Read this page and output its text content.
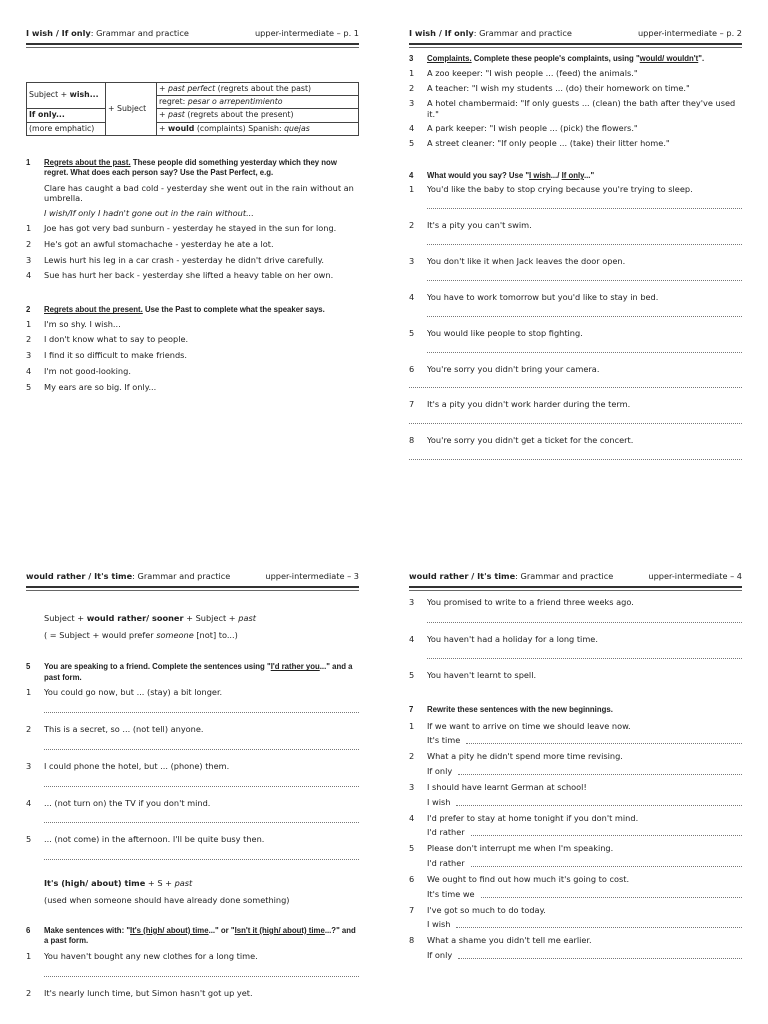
I wish / If only: Grammar and practice	upper-intermediate – p. 1
Subject + wish...	+ Subject	+ past perfect (regrets about the past)
		regret: pesar o arrepentimiento
If only...		+ past (regrets about the present)
(more emphatic)		+ would (complaints) Spanish: quejas
1	Regrets about the past. These people did something yesterday which they now regret. What does each person say? Use the Past Perfect, e.g.
Clare has caught a bad cold - yesterday she went out in the rain without an umbrella.
I wish/If only I hadn't gone out in the rain without...
1	Joe has got very bad sunburn - yesterday he stayed in the sun for long.
2	He's got an awful stomachache - yesterday he ate a lot.
3	Lewis hurt his leg in a car crash - yesterday he didn't drive carefully.
4	Sue has hurt her back - yesterday she lifted a heavy table on her own.
2	Regrets about the present. Use the Past to complete what the speaker says.
1	I'm so shy. I wish...
2	I don't know what to say to people.
3	I find it so difficult to make friends.
4	I'm not good-looking.
5	My ears are so big. If only...
I wish / If only: Grammar and practice	upper-intermediate – p. 2
3	Complaints. Complete these people's complaints, using "would/ wouldn't".
1	A zoo keeper: "I wish people ... (feed) the animals."
2	A teacher: "I wish my students ... (do) their homework on time."
3	A hotel chambermaid: "If only guests ... (clean) the bath after they've used it."
4	A park keeper: "I wish people ... (pick) the flowers."
5	A street cleaner: "If only people ... (take) their litter home."
4	What would you say? Use "I wish.../ If only..."
1	You'd like the baby to stop crying because you're trying to sleep.
2	It's a pity you can't swim.
3	You don't like it when Jack leaves the door open.
4	You have to work tomorrow but you'd like to stay in bed.
5	You would like people to stop fighting.
6	You're sorry you didn't bring your camera.
7	It's a pity you didn't work harder during the term.
8	You're sorry you didn't get a ticket for the concert.
would rather / It's time: Grammar and practice	upper-intermediate – 3
Subject + would rather/ sooner + Subject + past
( = Subject + would prefer someone [not] to...)
5	You are speaking to a friend. Complete the sentences using "I'd rather you..." and a past form.
1	You could go now, but ... (stay) a bit longer.
2	This is a secret, so ... (not tell) anyone.
3	I could phone the hotel, but ... (phone) them.
4	... (not turn on) the TV if you don't mind.
5	... (not come) in the afternoon. I'll be quite busy then.
It's (high/ about) time + S + past
(used when someone should have already done something)
6	Make sentences with: "It's (high/ about) time..." or "Isn't it (high/ about) time...?" and a past form.
1	You haven't bought any new clothes for a long time.
2	It's nearly lunch time, but Simon hasn't got up yet.
would rather / It's time: Grammar and practice	upper-intermediate – 4
3	You promised to write to a friend three weeks ago.
4	You haven't had a holiday for a long time.
5	You haven't learnt to spell.
7	Rewrite these sentences with the new beginnings.
1	If we want to arrive on time we should leave now.
It's time
2	What a pity he didn't spend more time revising.
If only
3	I should have learnt German at school!
I wish
4	I'd prefer to stay at home tonight if you don't mind.
I'd rather
5	Please don't interrupt me when I'm speaking.
I'd rather
6	We ought to find out how much it's going to cost.
It's time we
7	I've got so much to do today.
I wish
8	What a shame you didn't tell me earlier.
If only
